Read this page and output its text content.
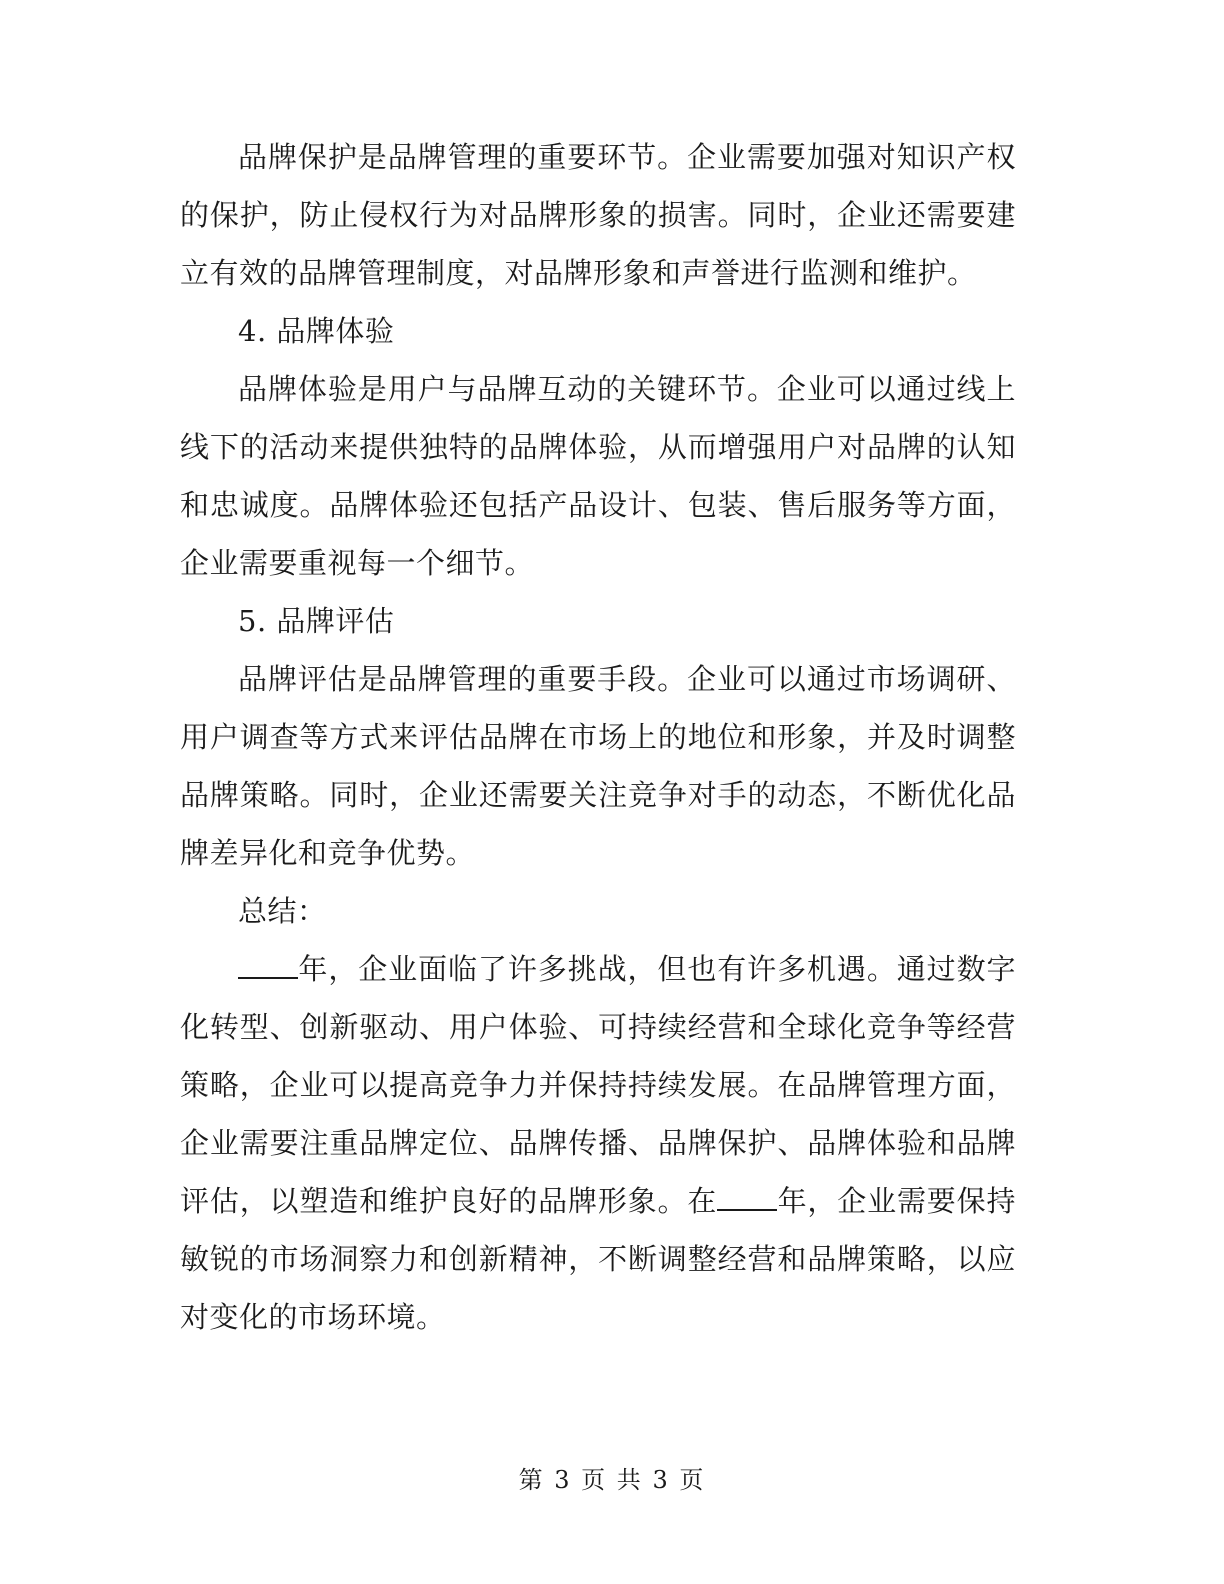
品牌保护是品牌管理的重要环节。企业需要加强对知识产权的保护，防止侵权行为对品牌形象的损害。同时，企业还需要建立有效的品牌管理制度，对品牌形象和声誉进行监测和维护。

4. 品牌体验

品牌体验是用户与品牌互动的关键环节。企业可以通过线上线下的活动来提供独特的品牌体验，从而增强用户对品牌的认知和忠诚度。品牌体验还包括产品设计、包装、售后服务等方面，企业需要重视每一个细节。

5. 品牌评估

品牌评估是品牌管理的重要手段。企业可以通过市场调研、用户调查等方式来评估品牌在市场上的地位和形象，并及时调整品牌策略。同时，企业还需要关注竞争对手的动态，不断优化品牌差异化和竞争优势。

总结：

年，企业面临了许多挑战，但也有许多机遇。通过数字化转型、创新驱动、用户体验、可持续经营和全球化竞争等经营策略，企业可以提高竞争力并保持持续发展。在品牌管理方面，企业需要注重品牌定位、品牌传播、品牌保护、品牌体验和品牌评估，以塑造和维护良好的品牌形象。在 年，企业需要保持敏锐的市场洞察力和创新精神，不断调整经营和品牌策略，以应对变化的市场环境。

第 3 页 共 3 页
